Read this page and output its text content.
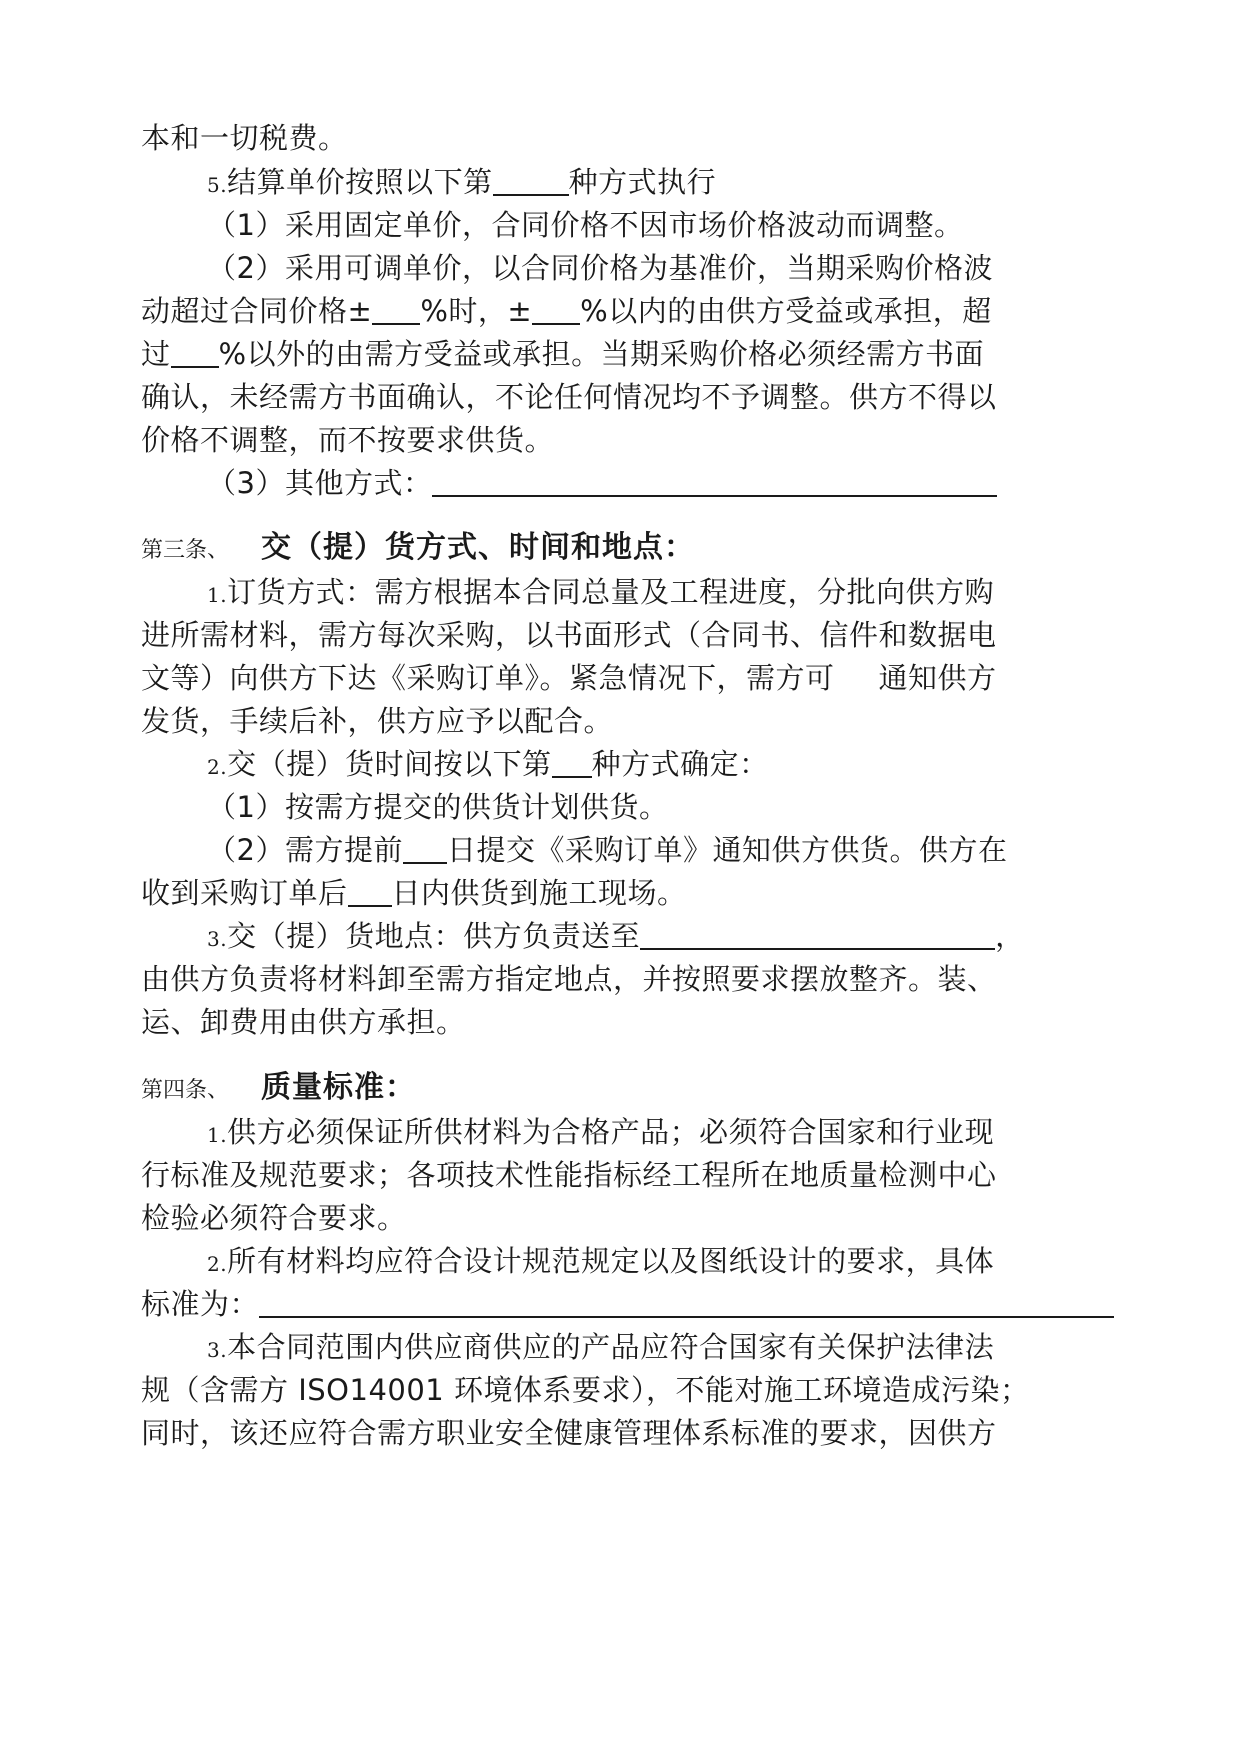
本和一切税费。
5.结算单价按照以下第	种方式执行
（1）采用固定单价，合同价格不因市场价格波动而调整。
（2）采用可调单价，以合同价格为基准价，当期采购价格波
动超过合同价格± %时，± %以内的由供方受益或承担，超
过 %以外的由需方受益或承担。当期采购价格必须经需方书面
确认，未经需方书面确认，不论任何情况均不予调整。供方不得以
价格不调整，而不按要求供货。
（3）其他方式：
第三条、 交（提）货方式、时间和地点：
1.订货方式：需方根据本合同总量及工程进度，分批向供方购
进所需材料，需方每次采购，以书面形式（合同书、信件和数据电
文等）向供方下达《采购订单》。紧急情况下，需方可 通知供方
发货，手续后补，供方应予以配合。
2.交（提）货时间按以下第 种方式确定：
（1）按需方提交的供货计划供货。
（2）需方提前 日提交《采购订单》通知供方供货。供方在
收到采购订单后 日内供货到施工现场。
3.交（提）货地点：供方负责送至	，
由供方负责将材料卸至需方指定地点，并按照要求摆放整齐。装、
运、卸费用由供方承担。
第四条、 质量标准：
1.供方必须保证所供材料为合格产品；必须符合国家和行业现
行标准及规范要求；各项技术性能指标经工程所在地质量检测中心
检验必须符合要求。
2.所有材料均应符合设计规范规定以及图纸设计的要求，具体
标准为：
3.本合同范围内供应商供应的产品应符合国家有关保护法律法
规（含需方 ISO14001 环境体系要求），不能对施工环境造成污染；
同时，该还应符合需方职业安全健康管理体系标准的要求，因供方
